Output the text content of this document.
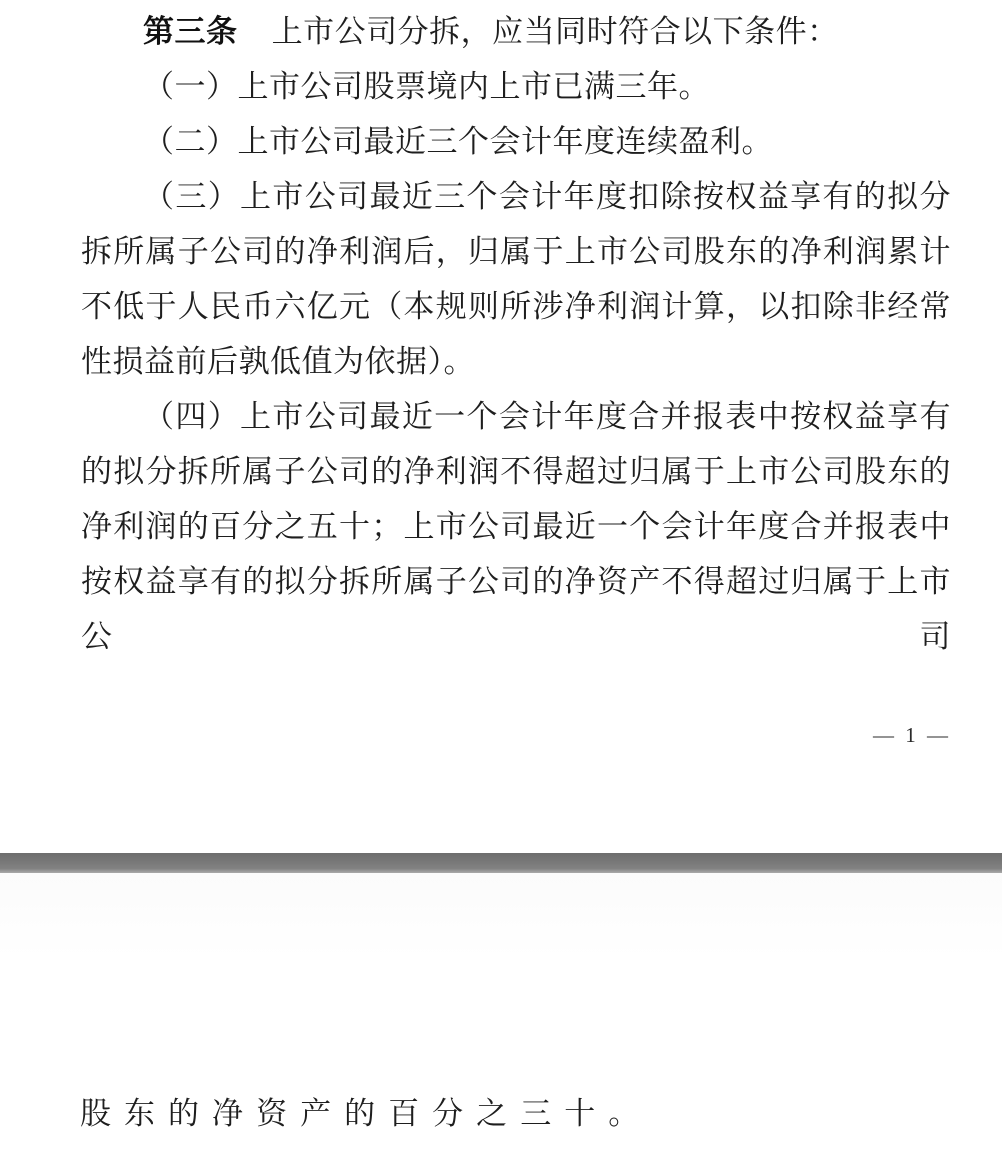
第三条 上市公司分拆，应当同时符合以下条件：

（一）上市公司股票境内上市已满三年。

（二）上市公司最近三个会计年度连续盈利。

（三）上市公司最近三个会计年度扣除按权益享有的拟分拆所属子公司的净利润后，归属于上市公司股东的净利润累计不低于人民币六亿元（本规则所涉净利润计算，以扣除非经常性损益前后孰低值为依据）。

（四）上市公司最近一个会计年度合并报表中按权益享有的拟分拆所属子公司的净利润不得超过归属于上市公司股东的净利润的百分之五十；上市公司最近一个会计年度合并报表中按权益享有的拟分拆所属子公司的净资产不得超过归属于上市公司

— 1 —

股东的净资产的百分之三十。
